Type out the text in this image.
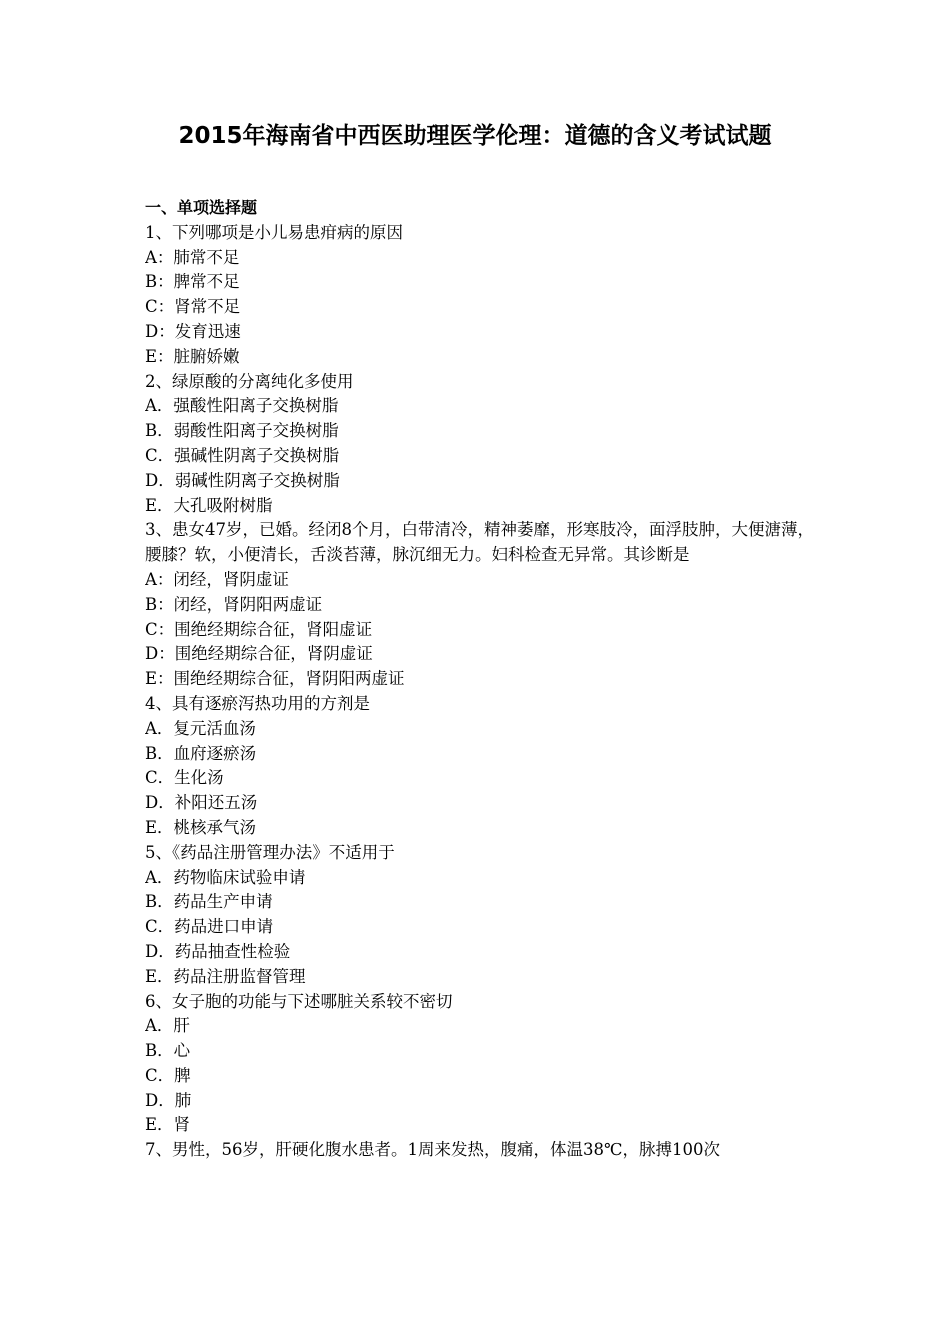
2015年海南省中西医助理医学伦理：道德的含义考试试题
一、单项选择题
1、下列哪项是小儿易患疳病的原因
A：肺常不足
B：脾常不足
C：肾常不足
D：发育迅速
E：脏腑娇嫩
2、绿原酸的分离纯化多使用
A．强酸性阳离子交换树脂
B．弱酸性阳离子交换树脂
C．强碱性阴离子交换树脂
D．弱碱性阴离子交换树脂
E．大孔吸附树脂
3、患女47岁，已婚。经闭8个月，白带清冷，精神萎靡，形寒肢冷，面浮肢肿，大便溏薄，腰膝？软，小便清长，舌淡苔薄，脉沉细无力。妇科检查无异常。其诊断是
A：闭经，肾阴虚证
B：闭经，肾阴阳两虚证
C：围绝经期综合征，肾阳虚证
D：围绝经期综合征，肾阴虚证
E：围绝经期综合征，肾阴阳两虚证
4、具有逐瘀泻热功用的方剂是
A．复元活血汤
B．血府逐瘀汤
C．生化汤
D．补阳还五汤
E．桃核承气汤
5、《药品注册管理办法》不适用于
A．药物临床试验申请
B．药品生产申请
C．药品进口申请
D．药品抽查性检验
E．药品注册监督管理
6、女子胞的功能与下述哪脏关系较不密切
A．肝
B．心
C．脾
D．肺
E．肾
7、男性，56岁，肝硬化腹水患者。1周来发热，腹痛，体温38℃，脉搏100次
